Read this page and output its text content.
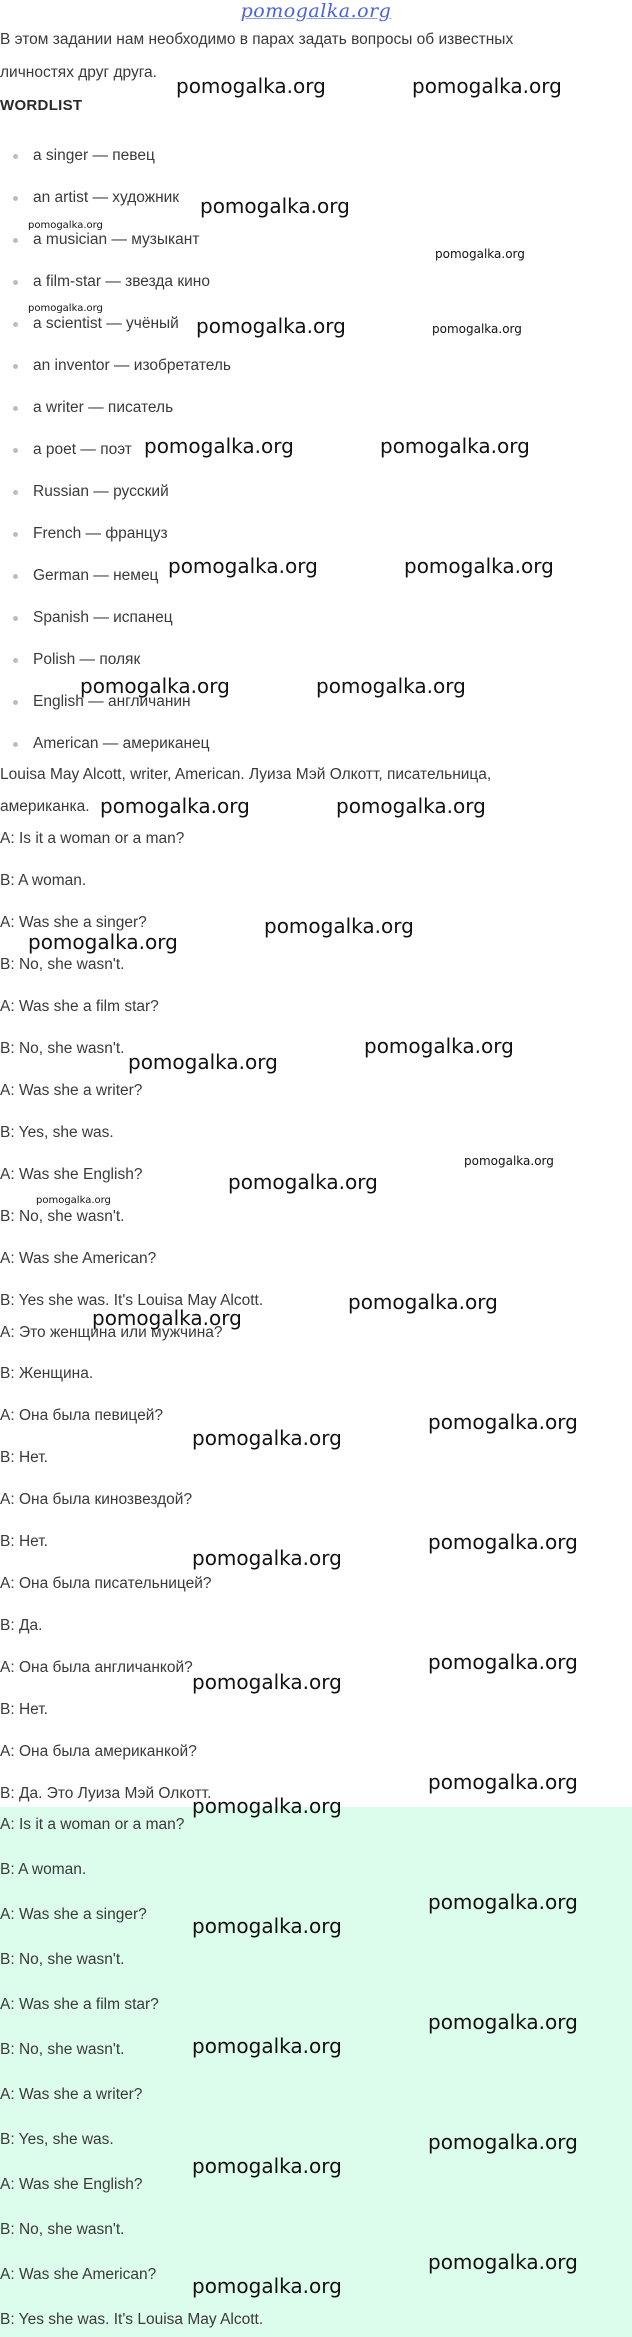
pomogalka.org
В этом задании нам необходимо в парах задать вопросы об известных
личностях друг друга.
WORDLIST
a singer — певец
an artist — художник
a musician — музыкант
a film-star — звезда кино
a scientist — учёный
an inventor — изобретатель
a writer — писатель
a poet — поэт
Russian — русский
French — француз
German — немец
Spanish — испанец
Polish — поляк
English — англичанин
American — американец
Louisa May Alcott, writer, American. Луиза Мэй Олкотт, писательница,
американка.
A: Is it a woman or a man?
B: A woman.
A: Was she a singer?
B: No, she wasn't.
A: Was she a film star?
B: No, she wasn't.
A: Was she a writer?
B: Yes, she was.
A: Was she English?
B: No, she wasn't.
A: Was she American?
B: Yes she was. It's Louisa May Alcott.
А: Это женщина или мужчина?
В: Женщина.
А: Она была певицей?
В: Нет.
А: Она была кинозвездой?
В: Нет.
А: Она была писательницей?
В: Да.
А: Она была англичанкой?
В: Нет.
А: Она была американкой?
В: Да. Это Луиза Мэй Олкотт.
A: Is it a woman or a man?
B: A woman.
A: Was she a singer?
B: No, she wasn't.
A: Was she a film star?
B: No, she wasn't.
A: Was she a writer?
B: Yes, she was.
A: Was she English?
B: No, she wasn't.
A: Was she American?
B: Yes she was. It's Louisa May Alcott.
pomogalka.org	pomogalka.org
pomogalka.org
pomogalka.org
pomogalka.org
pomogalka.org
pomogalka.org	pomogalka.org
pomogalka.org	pomogalka.org
pomogalka.org	pomogalka.org
pomogalka.org	pomogalka.org
pomogalka.org	pomogalka.org
pomogalka.org
pomogalka.org
pomogalka.org
pomogalka.org
pomogalka.org
pomogalka.org
pomogalka.org
pomogalka.org
pomogalka.org
pomogalka.org
pomogalka.org
pomogalka.org
pomogalka.org
pomogalka.org
pomogalka.org
pomogalka.org
pomogalka.org
pomogalka.org
pomogalka.org
pomogalka.org
pomogalka.org
pomogalka.org
pomogalka.org
pomogalka.org
pomogalka.org
